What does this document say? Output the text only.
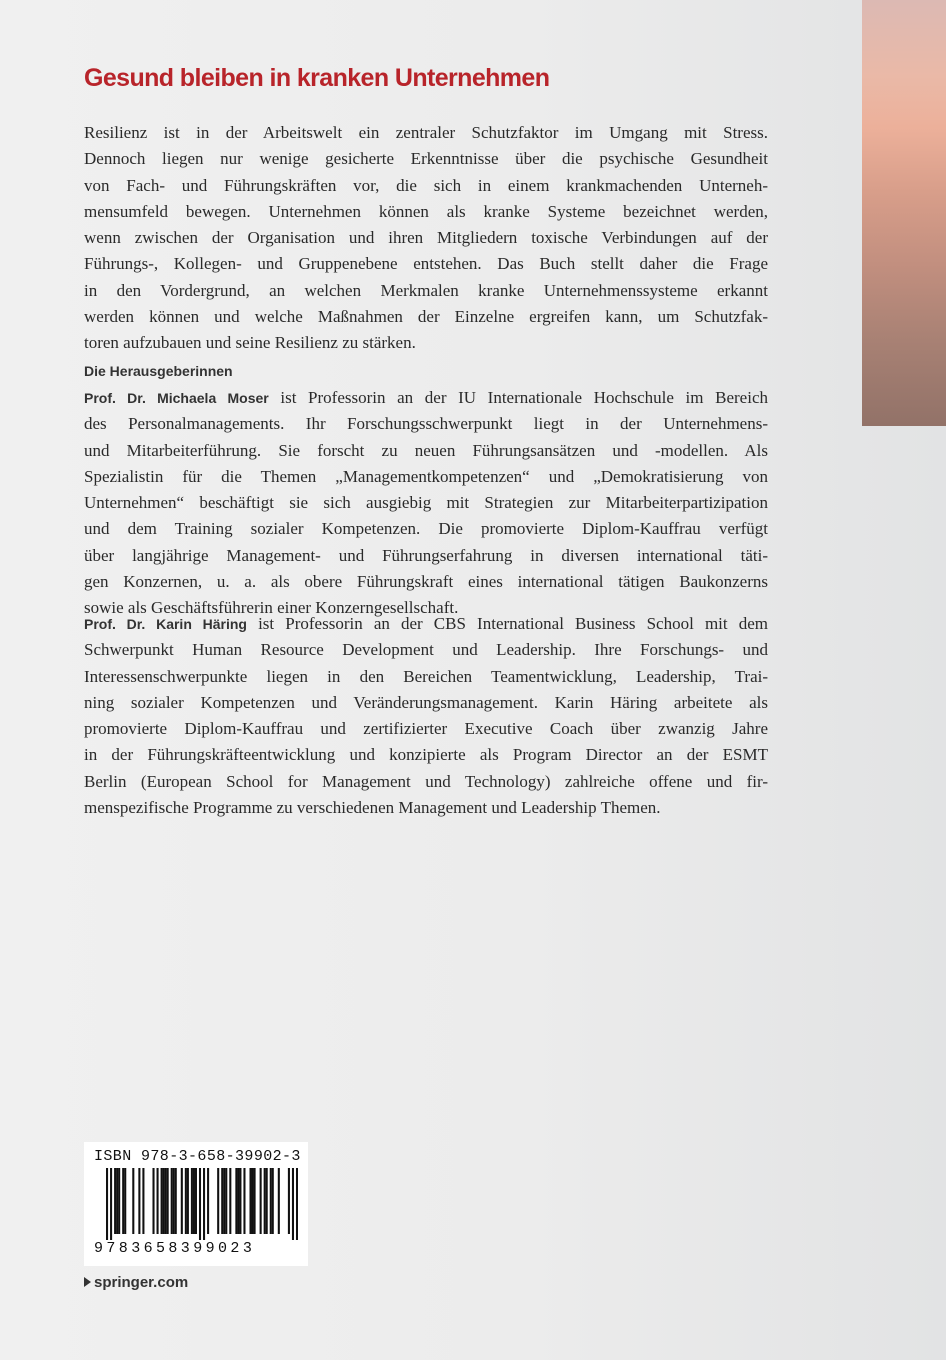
Gesund bleiben in kranken Unternehmen
Resilienz ist in der Arbeitswelt ein zentraler Schutzfaktor im Umgang mit Stress.
Dennoch liegen nur wenige gesicherte Erkenntnisse über die psychische Gesundheit
von Fach- und Führungskräften vor, die sich in einem krankmachenden Unterneh-
mensumfeld bewegen. Unternehmen können als kranke Systeme bezeichnet werden,
wenn zwischen der Organisation und ihren Mitgliedern toxische Verbindungen auf der
Führungs-, Kollegen- und Gruppenebene entstehen. Das Buch stellt daher die Frage
in den Vordergrund, an welchen Merkmalen kranke Unternehmenssysteme erkannt
werden können und welche Maßnahmen der Einzelne ergreifen kann, um Schutzfak-
toren aufzubauen und seine Resilienz zu stärken.
Die Herausgeberinnen
Prof. Dr. Michaela Moser ist Professorin an der IU Internationale Hochschule im Bereich
des Personalmanagements. Ihr Forschungsschwerpunkt liegt in der Unternehmens-
und Mitarbeiterführung. Sie forscht zu neuen Führungsansätzen und -modellen. Als
Spezialistin für die Themen „Managementkompetenzen“ und „Demokratisierung von
Unternehmen“ beschäftigt sie sich ausgiebig mit Strategien zur Mitarbeiterpartizipation
und dem Training sozialer Kompetenzen. Die promovierte Diplom-Kauffrau verfügt
über langjährige Management- und Führungserfahrung in diversen international täti-
gen Konzernen, u. a. als obere Führungskraft eines international tätigen Baukonzerns
sowie als Geschäftsführerin einer Konzerngesellschaft.
Prof. Dr. Karin Häring ist Professorin an der CBS International Business School mit dem
Schwerpunkt Human Resource Development und Leadership. Ihre Forschungs- und
Interessenschwerpunkte liegen in den Bereichen Teamentwicklung, Leadership, Trai-
ning sozialer Kompetenzen und Veränderungsmanagement. Karin Häring arbeitete als
promovierte Diplom-Kauffrau und zertifizierter Executive Coach über zwanzig Jahre
in der Führungskräfteentwicklung und konzipierte als Program Director an der ESMT
Berlin (European School for Management und Technology) zahlreiche offene und fir-
menspezifische Programme zu verschiedenen Management und Leadership Themen.
ISBN 978-3-658-39902-3
9783658399023
springer.com
